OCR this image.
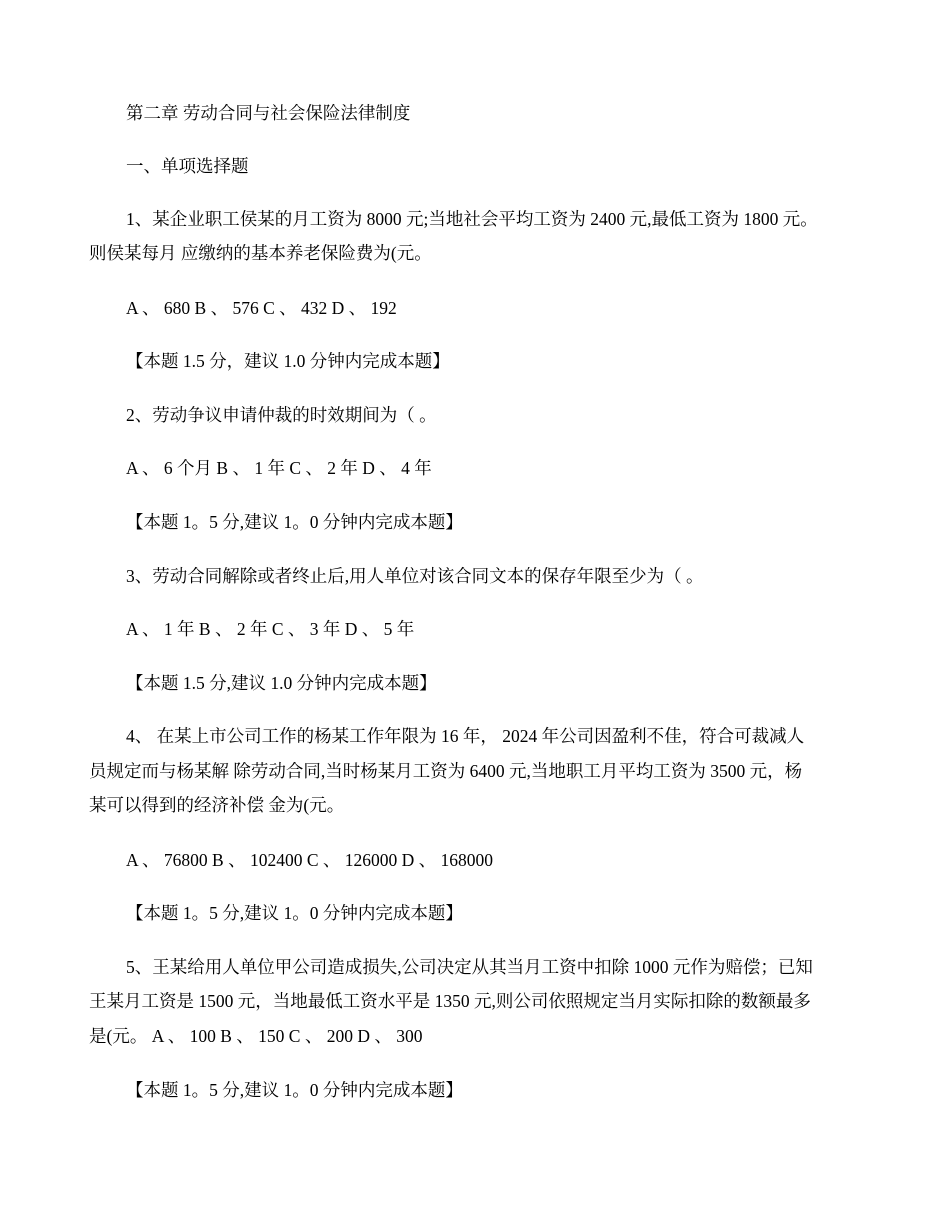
第二章 劳动合同与社会保险法律制度
一、单项选择题
1、某企业职工侯某的月工资为 8000 元;当地社会平均工资为 2400 元,最低工资为 1800 元。
则侯某每月 应缴纳的基本养老保险费为(元。
A 、 680 B 、 576 C 、 432 D 、 192
【本题 1.5 分，建议 1.0 分钟内完成本题】
2、劳动争议申请仲裁的时效期间为（ 。
A 、 6 个月 B 、 1 年 C 、 2 年 D 、 4 年
【本题 1。5 分,建议 1。0 分钟内完成本题】
3、劳动合同解除或者终止后,用人单位对该合同文本的保存年限至少为（ 。
A 、 1 年 B 、 2 年 C 、 3 年 D 、 5 年
【本题 1.5 分,建议 1.0 分钟内完成本题】
4、 在某上市公司工作的杨某工作年限为 16 年， 2024 年公司因盈利不佳，符合可裁减人
员规定而与杨某解 除劳动合同,当时杨某月工资为 6400 元,当地职工月平均工资为 3500 元，杨
某可以得到的经济补偿 金为(元。
A 、 76800 B 、 102400 C 、 126000 D 、 168000
【本题 1。5 分,建议 1。0 分钟内完成本题】
5、王某给用人单位甲公司造成损失,公司决定从其当月工资中扣除 1000 元作为赔偿；已知
王某月工资是 1500 元，当地最低工资水平是 1350 元,则公司依照规定当月实际扣除的数额最多
是(元。 A 、 100 B 、 150 C 、 200 D 、 300
【本题 1。5 分,建议 1。0 分钟内完成本题】
